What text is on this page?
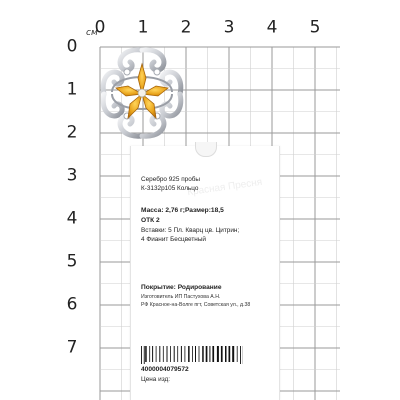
см
0 1 2 3 4 5
0
1
2
3
4
5
6
7
Красная Пресня
Серебро 925 пробы
К-3132р105 Кольцо
Масса: 2,76 г;Размер:18,5
ОТК 2
Вставки: 5 Пл. Кварц цв. Цитрин;
4 Фианит Бесцветный
Покрытие: Родирование
Изготовитель ИП Пастухова А.Н.
РФ Красное-на-Волге пгт, Советская ул., д.38
4000004079572
Цена изд:
